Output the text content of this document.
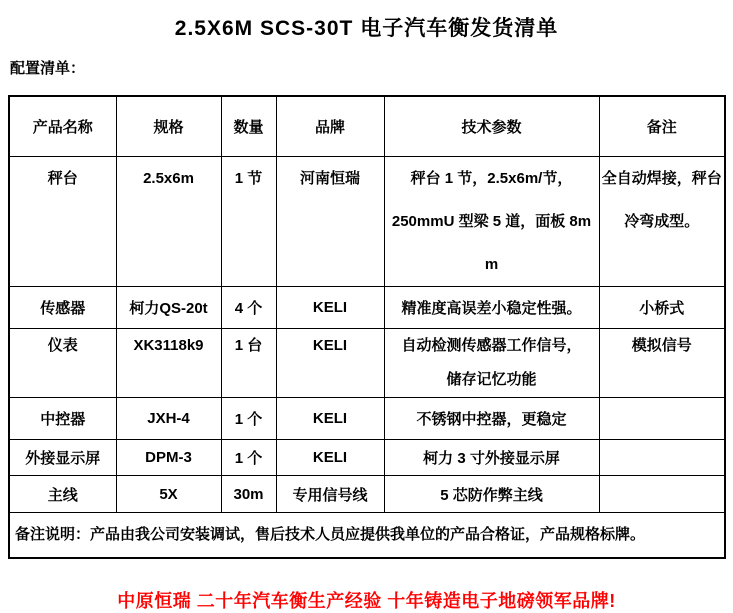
2.5X6M SCS-30T 电子汽车衡发货清单
配置清单：
产品名称	规格	数量	品牌	技术参数	备注
秤台	2.5x6m	1 节	河南恒瑞	秤台 1 节，2.5x6m/节，
250mmU 型梁 5 道，面板 8mm	全自动焊接，秤台冷弯成型。
传感器	柯力QS-20t	4 个	KELI	精准度高误差小稳定性强。	小桥式
仪表	XK3118k9	1 台	KELI	自动检测传感器工作信号，
储存记忆功能	模拟信号
中控器	JXH-4	1 个	KELI	不锈钢中控器，更稳定	
外接显示屏	DPM-3	1 个	KELI	柯力 3 寸外接显示屏	
主线	5X	30m	专用信号线	5 芯防作弊主线	
备注说明：产品由我公司安装调试，售后技术人员应提供我单位的产品合格证，产品规格标牌。					
中原恒瑞 二十年汽车衡生产经验 十年铸造电子地磅领军品牌!
